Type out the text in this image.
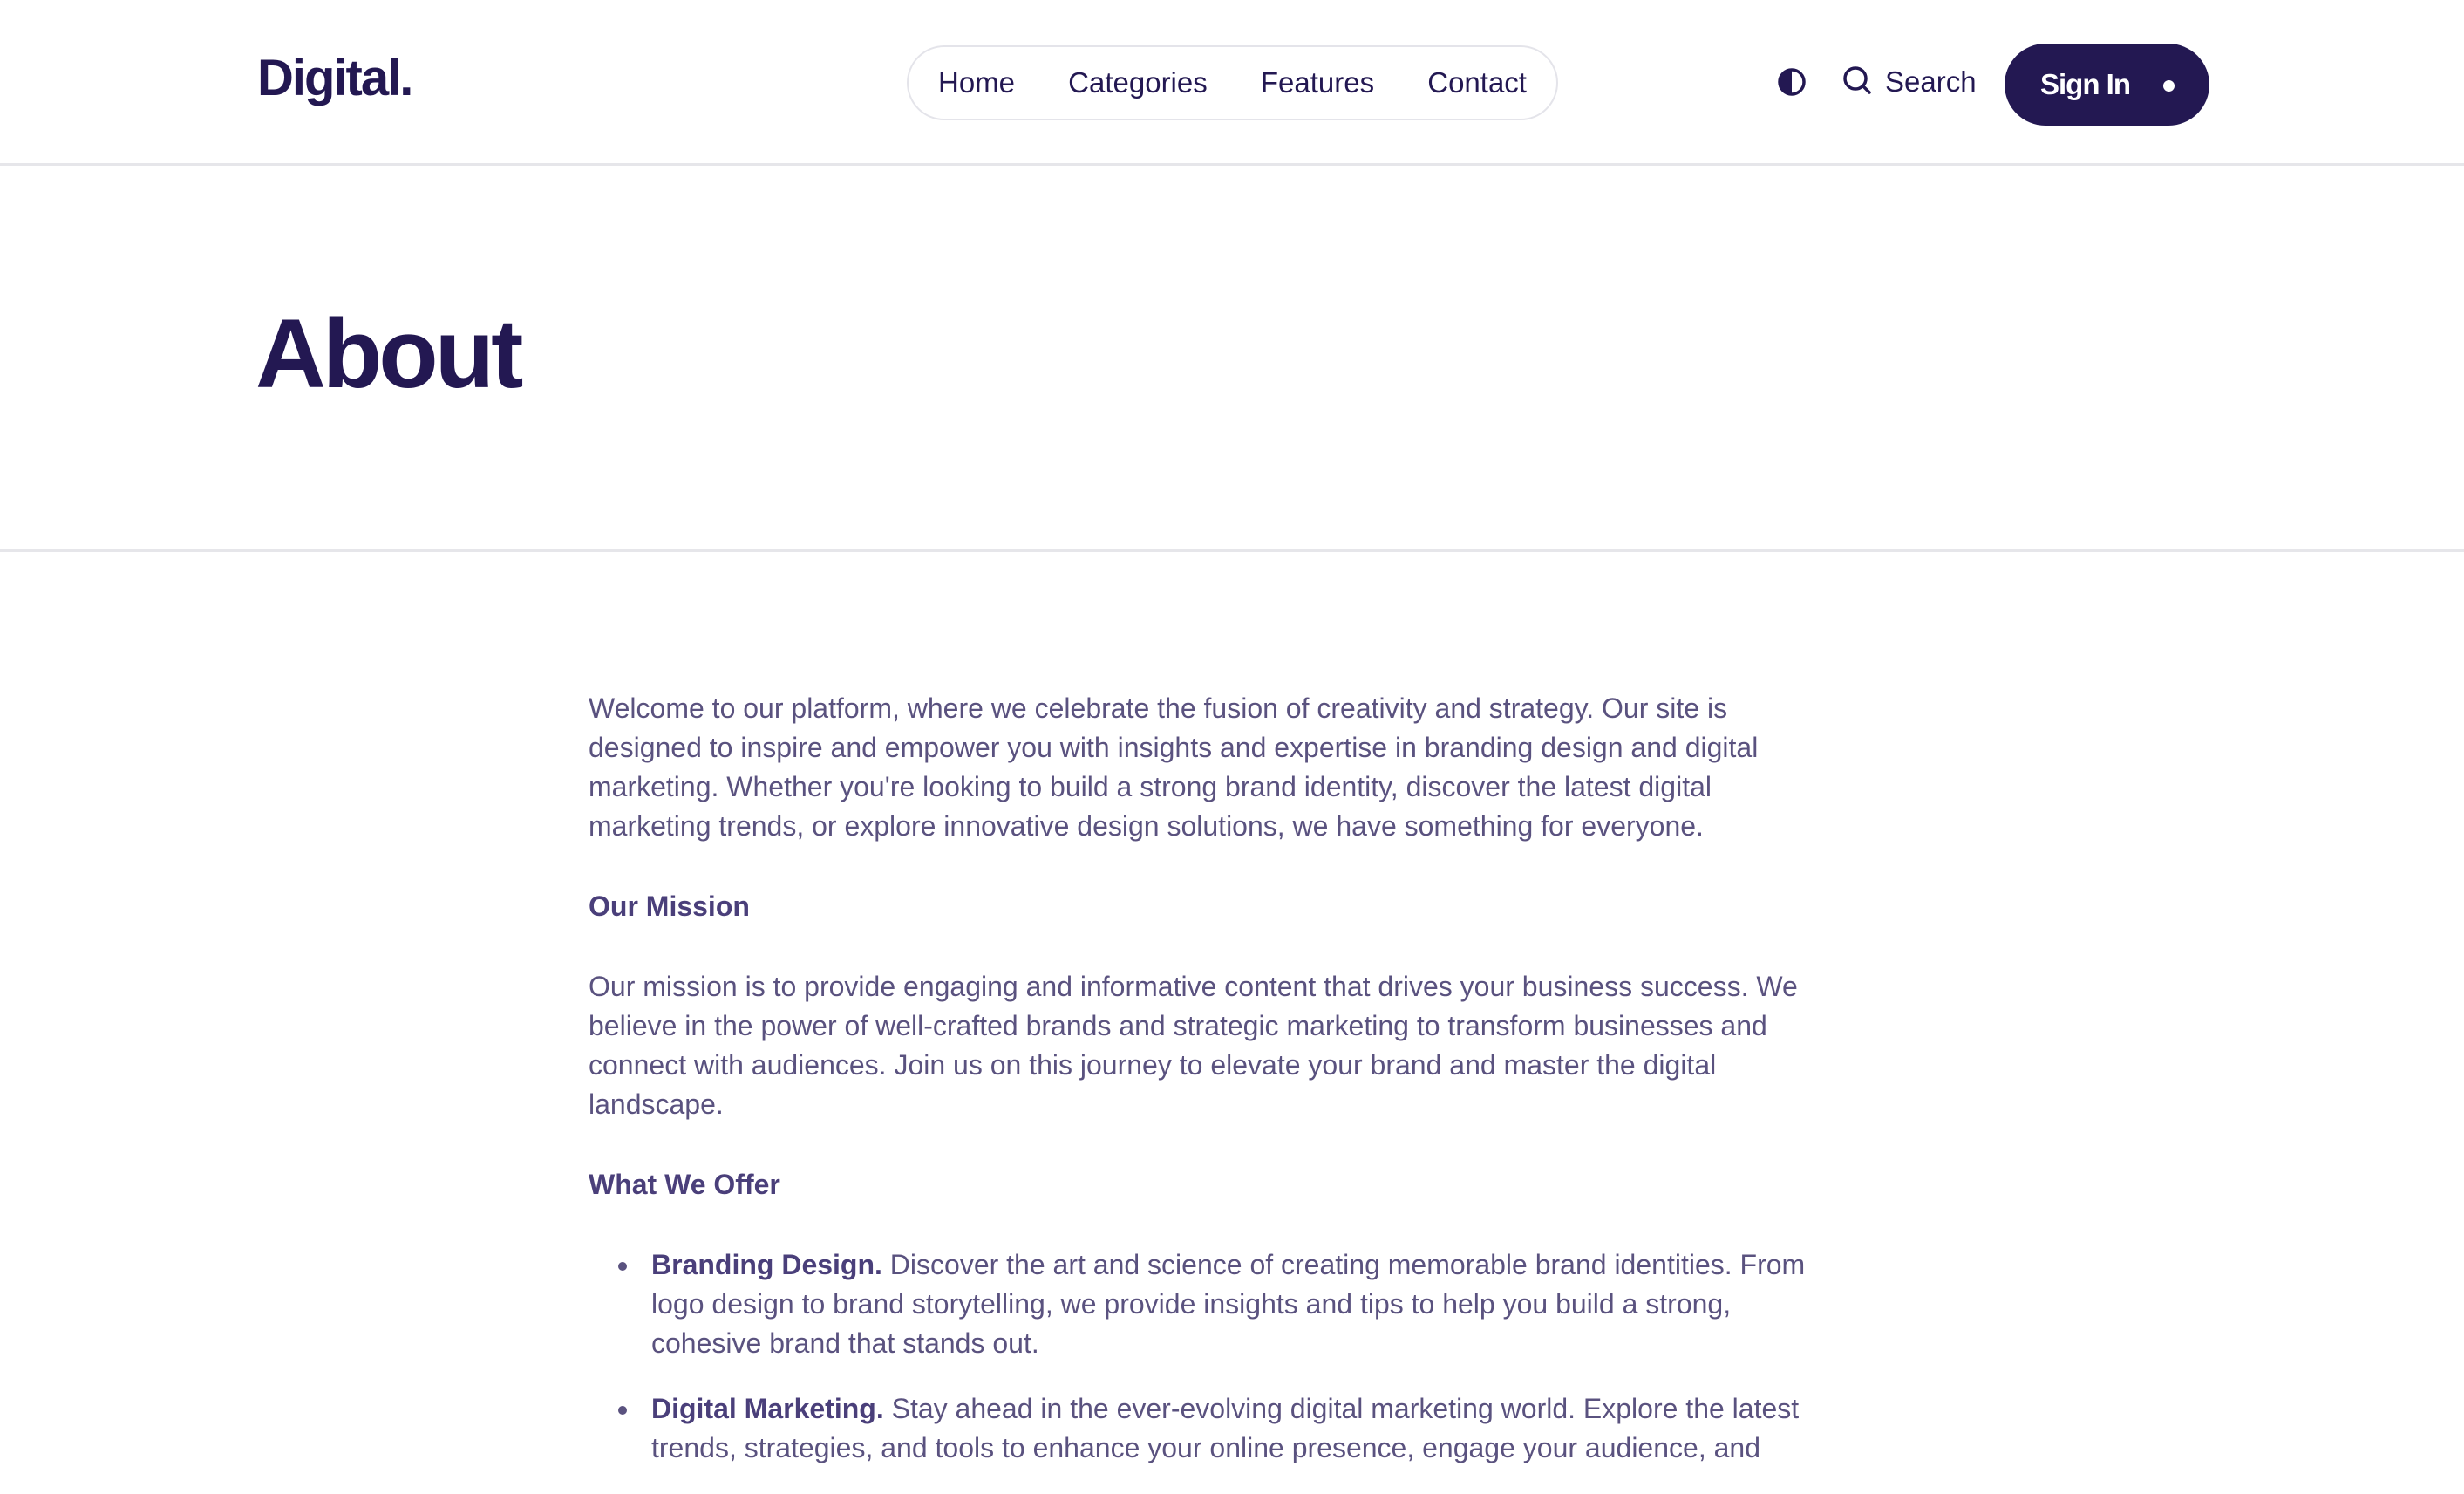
Digital.	Home Categories Features Contact	Search Sign In
About

Welcome to our platform, where we celebrate the fusion of creativity and strategy. Our site is designed to inspire and empower you with insights and expertise in branding design and digital marketing. Whether you're looking to build a strong brand identity, discover the latest digital marketing trends, or explore innovative design solutions, we have something for everyone.

Our Mission

Our mission is to provide engaging and informative content that drives your business success. We believe in the power of well-crafted brands and strategic marketing to transform businesses and connect with audiences. Join us on this journey to elevate your brand and master the digital landscape.

What We Offer
Branding Design. Discover the art and science of creating memorable brand identities. From logo design to brand storytelling, we provide insights and tips to help you build a strong, cohesive brand that stands out.
Digital Marketing. Stay ahead in the ever-evolving digital marketing world. Explore the latest trends, strategies, and tools to enhance your online presence, engage your audience, and
